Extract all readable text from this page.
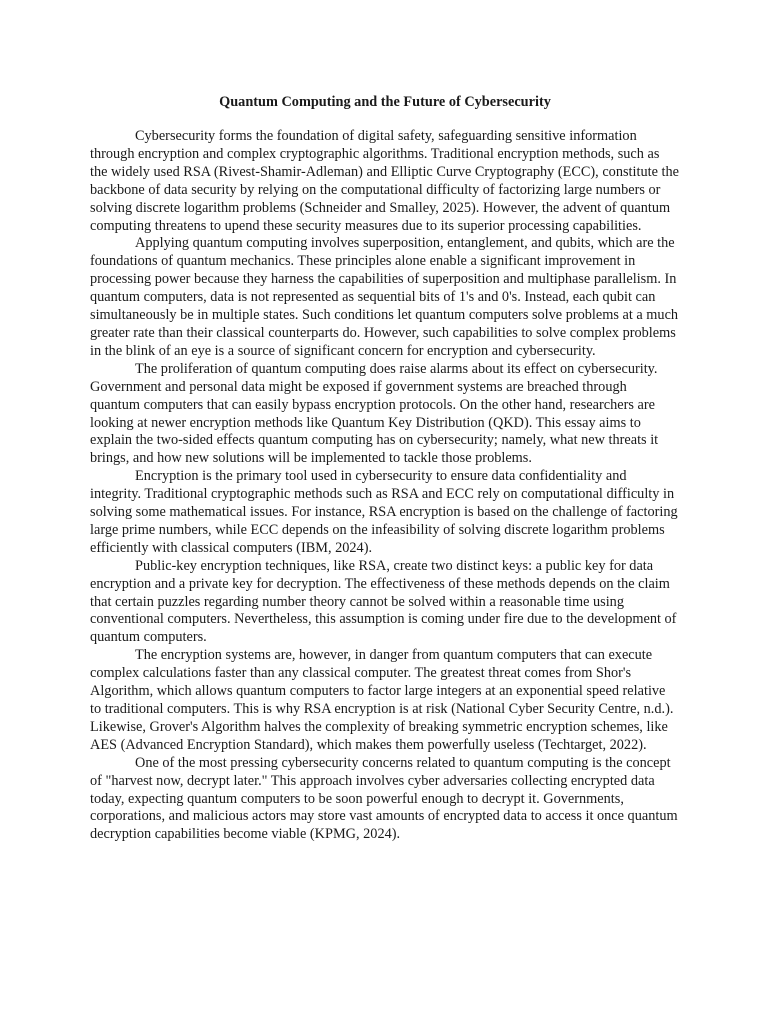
Quantum Computing and the Future of Cybersecurity

Cybersecurity forms the foundation of digital safety, safeguarding sensitive information through encryption and complex cryptographic algorithms. Traditional encryption methods, such as the widely used RSA (Rivest-Shamir-Adleman) and Elliptic Curve Cryptography (ECC), constitute the backbone of data security by relying on the computational difficulty of factorizing large numbers or solving discrete logarithm problems (Schneider and Smalley, 2025). However, the advent of quantum computing threatens to upend these security measures due to its superior processing capabilities.

Applying quantum computing involves superposition, entanglement, and qubits, which are the foundations of quantum mechanics. These principles alone enable a significant improvement in processing power because they harness the capabilities of superposition and multiphase parallelism. In quantum computers, data is not represented as sequential bits of 1's and 0's. Instead, each qubit can simultaneously be in multiple states. Such conditions let quantum computers solve problems at a much greater rate than their classical counterparts do. However, such capabilities to solve complex problems in the blink of an eye is a source of significant concern for encryption and cybersecurity.

The proliferation of quantum computing does raise alarms about its effect on cybersecurity. Government and personal data might be exposed if government systems are breached through quantum computers that can easily bypass encryption protocols. On the other hand, researchers are looking at newer encryption methods like Quantum Key Distribution (QKD). This essay aims to explain the two-sided effects quantum computing has on cybersecurity; namely, what new threats it brings, and how new solutions will be implemented to tackle those problems.

Encryption is the primary tool used in cybersecurity to ensure data confidentiality and integrity. Traditional cryptographic methods such as RSA and ECC rely on computational difficulty in solving some mathematical issues. For instance, RSA encryption is based on the challenge of factoring large prime numbers, while ECC depends on the infeasibility of solving discrete logarithm problems efficiently with classical computers (IBM, 2024).

Public-key encryption techniques, like RSA, create two distinct keys: a public key for data encryption and a private key for decryption. The effectiveness of these methods depends on the claim that certain puzzles regarding number theory cannot be solved within a reasonable time using conventional computers. Nevertheless, this assumption is coming under fire due to the development of quantum computers.

The encryption systems are, however, in danger from quantum computers that can execute complex calculations faster than any classical computer. The greatest threat comes from Shor's Algorithm, which allows quantum computers to factor large integers at an exponential speed relative to traditional computers. This is why RSA encryption is at risk (National Cyber Security Centre, n.d.). Likewise, Grover's Algorithm halves the complexity of breaking symmetric encryption schemes, like AES (Advanced Encryption Standard), which makes them powerfully useless (Techtarget, 2022).

One of the most pressing cybersecurity concerns related to quantum computing is the concept of "harvest now, decrypt later." This approach involves cyber adversaries collecting encrypted data today, expecting quantum computers to be soon powerful enough to decrypt it. Governments, corporations, and malicious actors may store vast amounts of encrypted data to access it once quantum decryption capabilities become viable (KPMG, 2024).
